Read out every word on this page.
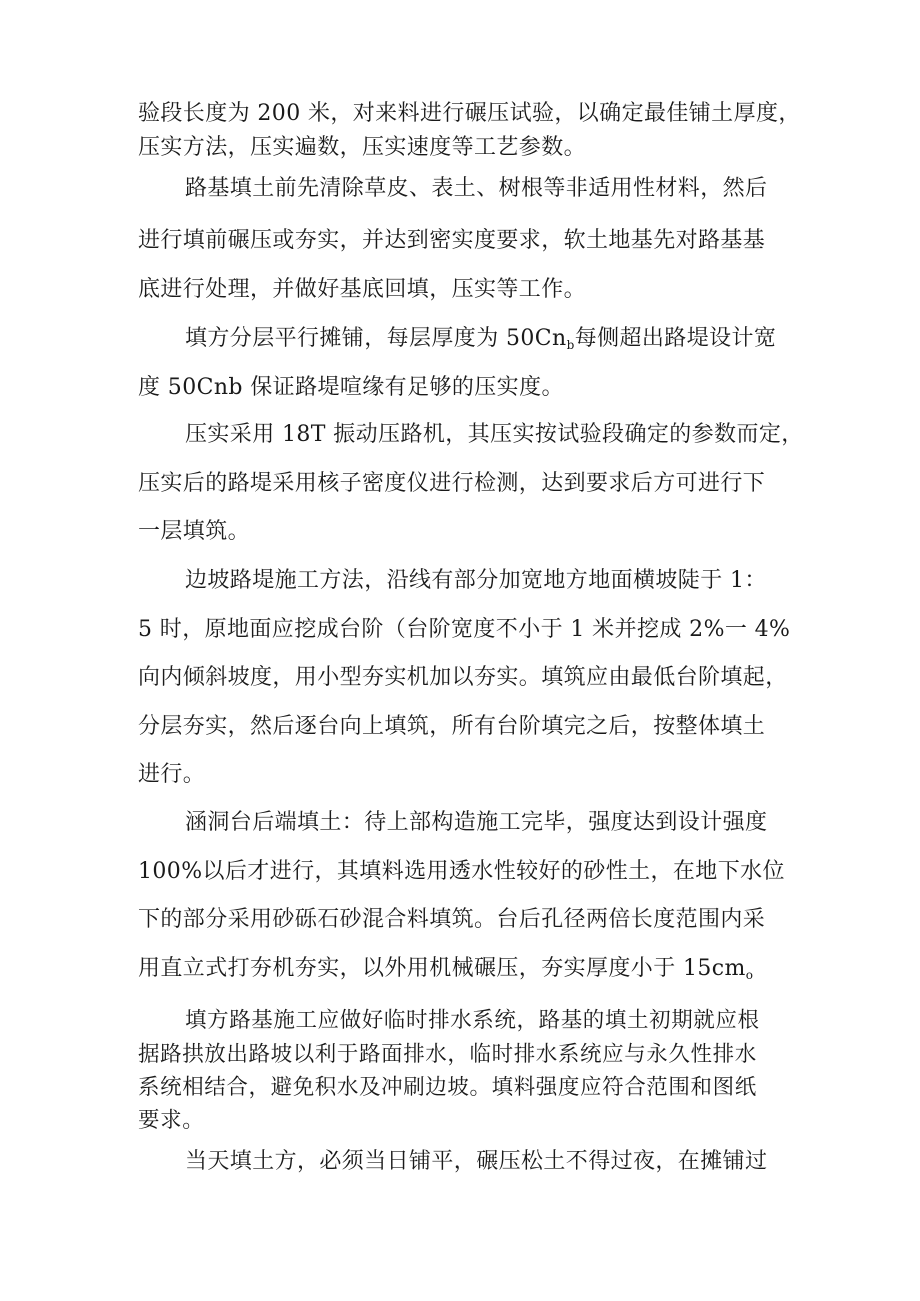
验段长度为 200 米，对来料进行碾压试验，以确定最佳铺土厚度，
压实方法，压实遍数，压实速度等工艺参数。
路基填土前先清除草皮、表土、树根等非适用性材料，然后
进行填前碾压或夯实，并达到密实度要求，软土地基先对路基基
底进行处理，并做好基底回填，压实等工作。
填方分层平行摊铺，每层厚度为 $50Cn_b$每侧超出路堤设计宽
度 50Cnb 保证路堤喧缘有足够的压实度。
压实采用 18T 振动压路机，其压实按试验段确定的参数而定，
压实后的路堤采用核子密度仪进行检测，达到要求后方可进行下
一层填筑。
边坡路堤施工方法，沿线有部分加宽地方地面横坡陡于 1：
5 时，原地面应挖成台阶（台阶宽度不小于 1 米并挖成 2%一 4%
向内倾斜坡度，用小型夯实机加以夯实。填筑应由最低台阶填起，
分层夯实，然后逐台向上填筑，所有台阶填完之后，按整体填土
进行。
涵洞台后端填土：待上部构造施工完毕，强度达到设计强度
100%以后才进行，其填料选用透水性较好的砂性土，在地下水位
下的部分采用砂砾石砂混合料填筑。台后孔径两倍长度范围内采
用直立式打夯机夯实，以外用机械碾压，夯实厚度小于 $15cm_o$
填方路基施工应做好临时排水系统，路基的填土初期就应根
据路拱放出路坡以利于路面排水，临时排水系统应与永久性排水
系统相结合，避免积水及冲刷边坡。填料强度应符合范围和图纸
要求。
当天填土方，必须当日铺平，碾压松土不得过夜，在摊铺过
